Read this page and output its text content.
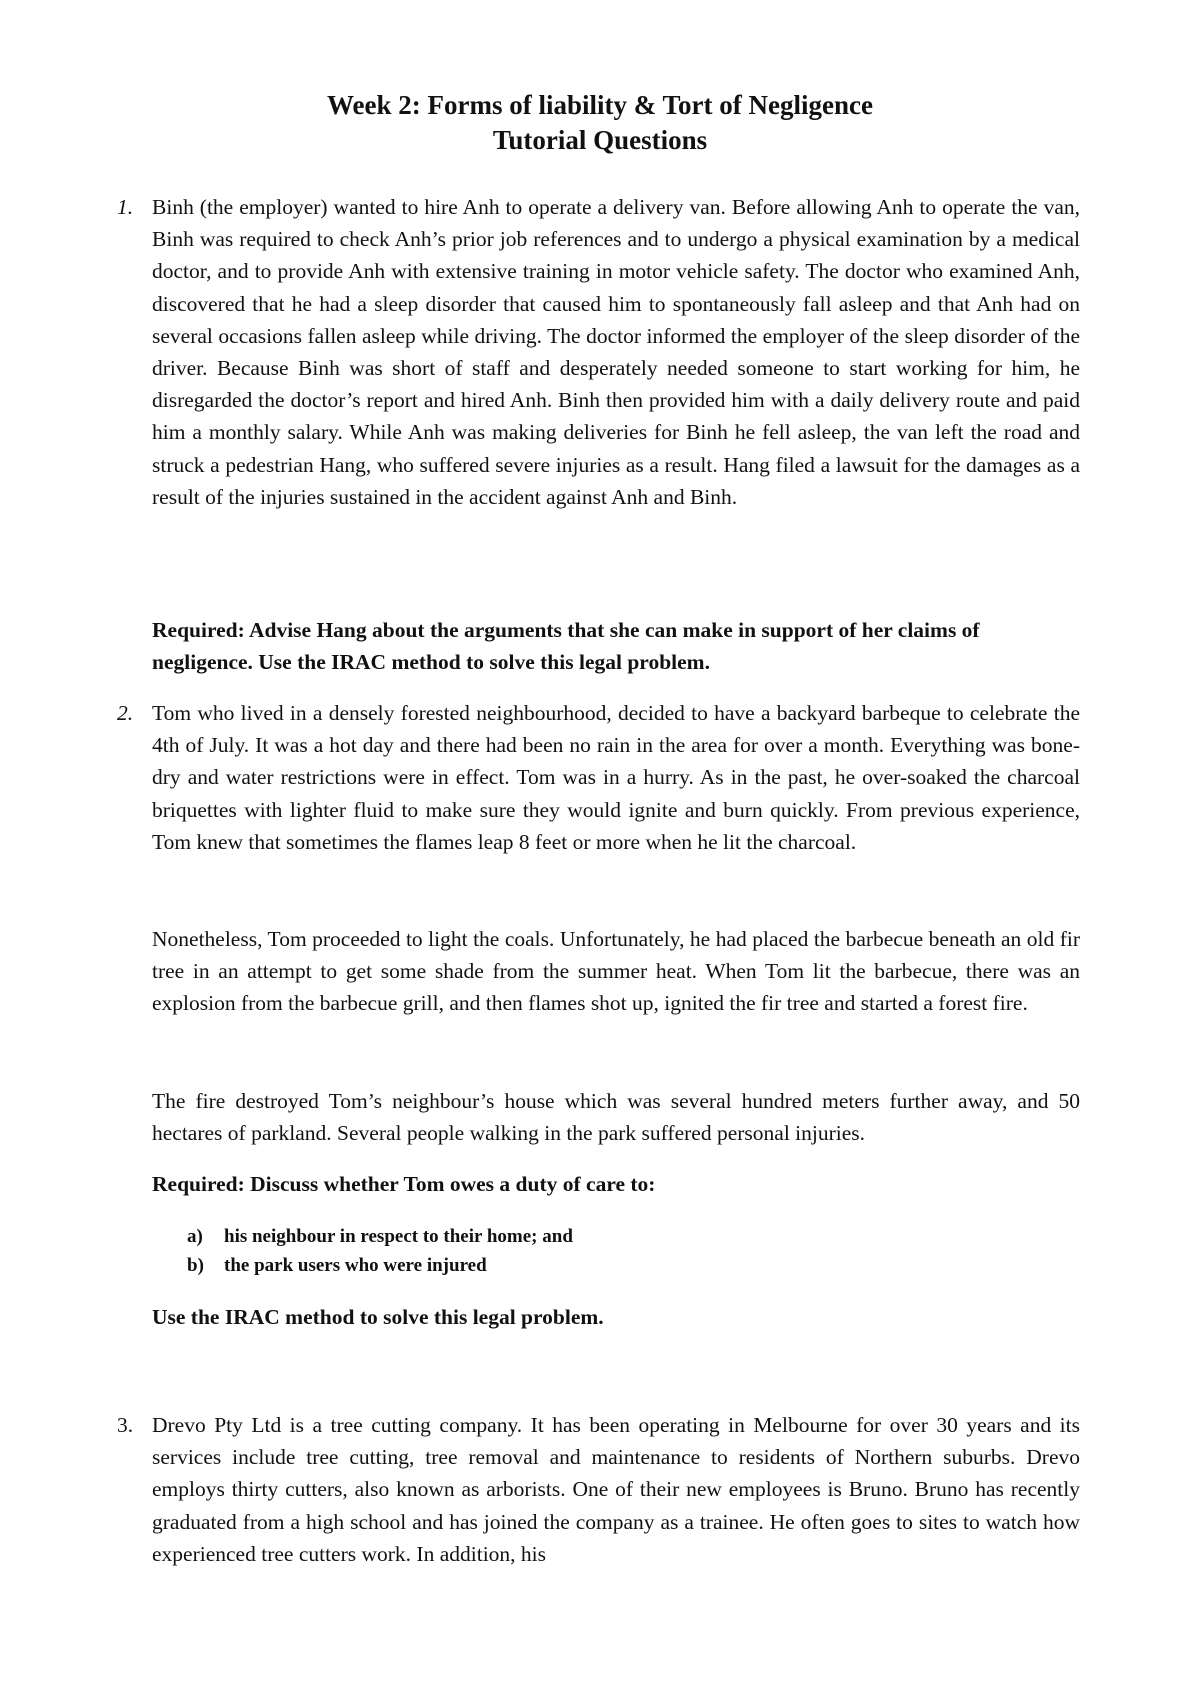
Week 2: Forms of liability & Tort of Negligence
Tutorial Questions
1. Binh (the employer) wanted to hire Anh to operate a delivery van. Before allowing Anh to operate the van, Binh was required to check Anh’s prior job references and to undergo a physical examination by a medical doctor, and to provide Anh with extensive training in motor vehicle safety. The doctor who examined Anh, discovered that he had a sleep disorder that caused him to spontaneously fall asleep and that Anh had on several occasions fallen asleep while driving. The doctor informed the employer of the sleep disorder of the driver. Because Binh was short of staff and desperately needed someone to start working for him, he disregarded the doctor’s report and hired Anh. Binh then provided him with a daily delivery route and paid him a monthly salary. While Anh was making deliveries for Binh he fell asleep, the van left the road and struck a pedestrian Hang, who suffered severe injuries as a result. Hang filed a lawsuit for the damages as a result of the injuries sustained in the accident against Anh and Binh.

Required: Advise Hang about the arguments that she can make in support of her claims of negligence. Use the IRAC method to solve this legal problem.

2. Tom who lived in a densely forested neighbourhood, decided to have a backyard barbeque to celebrate the 4th of July. It was a hot day and there had been no rain in the area for over a month. Everything was bone-dry and water restrictions were in effect. Tom was in a hurry. As in the past, he over-soaked the charcoal briquettes with lighter fluid to make sure they would ignite and burn quickly. From previous experience, Tom knew that sometimes the flames leap 8 feet or more when he lit the charcoal.

Nonetheless, Tom proceeded to light the coals. Unfortunately, he had placed the barbecue beneath an old fir tree in an attempt to get some shade from the summer heat. When Tom lit the barbecue, there was an explosion from the barbecue grill, and then flames shot up, ignited the fir tree and started a forest fire.

The fire destroyed Tom’s neighbour’s house which was several hundred meters further away, and 50 hectares of parkland. Several people walking in the park suffered personal injuries.

Required: Discuss whether Tom owes a duty of care to:

a) his neighbour in respect to their home; and
b) the park users who were injured

Use the IRAC method to solve this legal problem.

3. Drevo Pty Ltd is a tree cutting company. It has been operating in Melbourne for over 30 years and its services include tree cutting, tree removal and maintenance to residents of Northern suburbs. Drevo employs thirty cutters, also known as arborists. One of their new employees is Bruno. Bruno has recently graduated from a high school and has joined the company as a trainee. He often goes to sites to watch how experienced tree cutters work. In addition, his
